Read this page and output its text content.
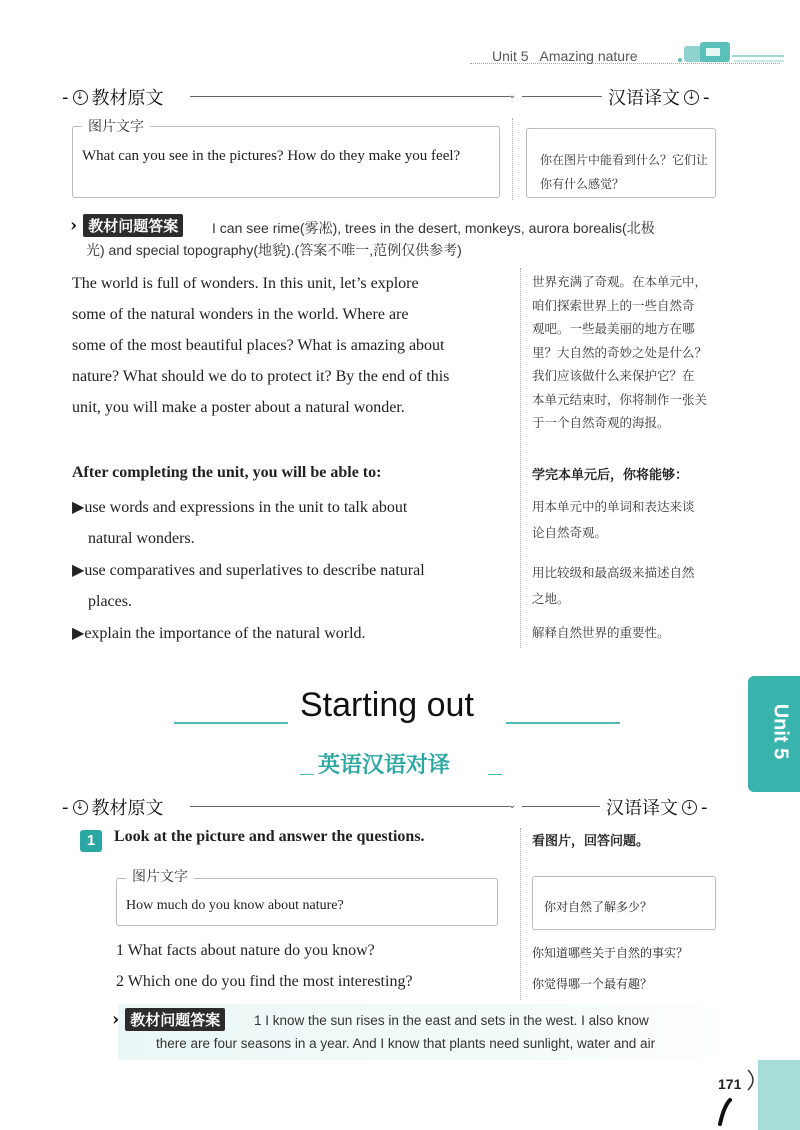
Unit 5 Amazing nature
- ↓ 教材原文	⌄	汉语译文 ↓ -
图片文字
What can you see in the pictures? How do they make you feel?	你在图片中能看到什么？它们让你有什么感觉？
› 教材问题答案	I can see rime(雾凇), trees in the desert, monkeys, aurora borealis(北极
光) and special topography(地貌).(答案不唯一,范例仅供参考)
The world is full of wonders. In this unit, let’s explore
some of the natural wonders in the world. Where are
some of the most beautiful places? What is amazing about
nature? What should we do to protect it? By the end of this
unit, you will make a poster about a natural wonder.
世界充满了奇观。在本单元中，
咱们探索世界上的一些自然奇
观吧。一些最美丽的地方在哪
里？大自然的奇妙之处是什么？
我们应该做什么来保护它？在
本单元结束时，你将制作一张关
于一个自然奇观的海报。
After completing the unit, you will be able to:	学完本单元后，你将能够：
▶use words and expressions in the unit to talk about
natural wonders.
用本单元中的单词和表达来谈
论自然奇观。
▶use comparatives and superlatives to describe natural
places.
用比较级和最高级来描述自然
之地。
▶explain the importance of the natural world.	解释自然世界的重要性。
Starting out
英语汉语对译
- ↓ 教材原文	⌄	汉语译文 ↓ -
1	Look at the picture and answer the questions.	看图片，回答问题。
图片文字
How much do you know about nature?	你对自然了解多少？
1 What facts about nature do you know?	你知道哪些关于自然的事实？
2 Which one do you find the most interesting?	你觉得哪一个最有趣？
› 教材问题答案	1 I know the sun rises in the east and sets in the west. I also know
there are four seasons in a year. And I know that plants need sunlight, water and air
Unit 5
171
